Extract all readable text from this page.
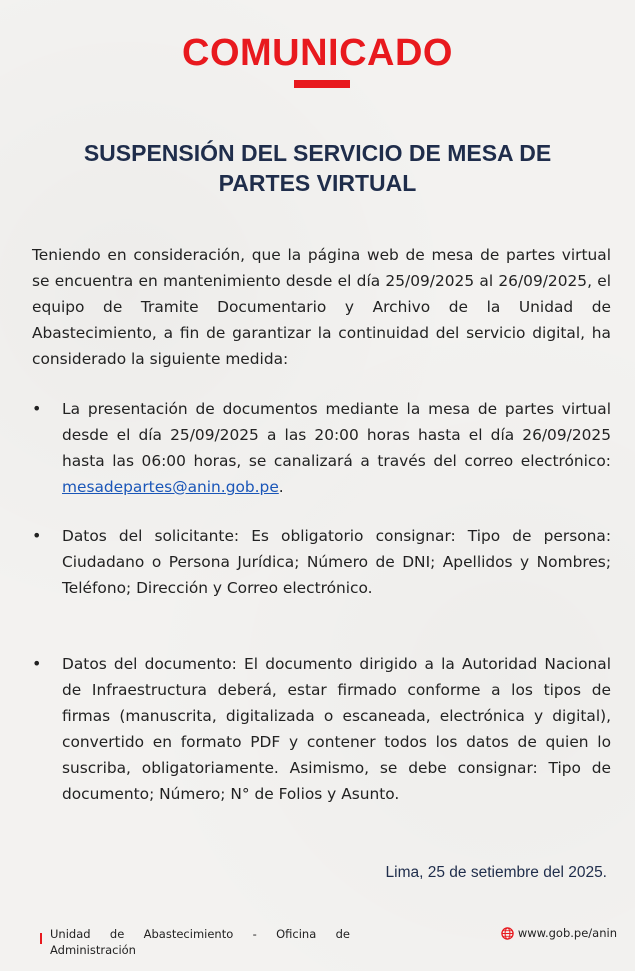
COMUNICADO
SUSPENSIÓN DEL SERVICIO DE MESA DE
PARTES VIRTUAL

Teniendo en consideración, que la página web de mesa de partes virtual se encuentra en mantenimiento desde el día 25/09/2025 al 26/09/2025, el equipo de Tramite Documentario y Archivo de la Unidad de Abastecimiento, a fin de garantizar la continuidad del servicio digital, ha considerado la siguiente medida:

• La presentación de documentos mediante la mesa de partes virtual desde el día 25/09/2025 a las 20:00 horas hasta el día 26/09/2025 hasta las 06:00 horas, se canalizará a través del correo electrónico: mesadepartes@anin.gob.pe.
• Datos del solicitante: Es obligatorio consignar: Tipo de persona: Ciudadano o Persona Jurídica; Número de DNI; Apellidos y Nombres; Teléfono; Dirección y Correo electrónico.
• Datos del documento: El documento dirigido a la Autoridad Nacional de Infraestructura deberá, estar firmado conforme a los tipos de firmas (manuscrita, digitalizada o escaneada, electrónica y digital), convertido en formato PDF y contener todos los datos de quien lo suscriba, obligatoriamente. Asimismo, se debe consignar: Tipo de documento; Número; N° de Folios y Asunto.
Lima, 25 de setiembre del 2025.
Unidad de Abastecimiento - Oficina de Administración
www.gob.pe/anin
